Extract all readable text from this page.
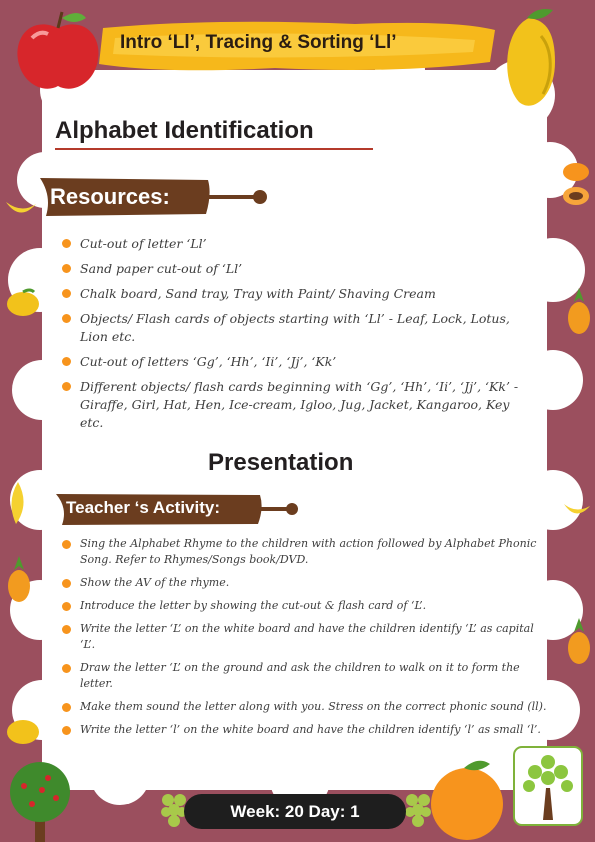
Intro ‘Ll’, Tracing & Sorting ‘Ll’
Alphabet Identification
Resources:
Cut-out of letter ‘Ll’
Sand paper cut-out of ‘Ll’
Chalk board, Sand tray, Tray with Paint/ Shaving Cream
Objects/ Flash cards of objects starting with ‘Ll’ - Leaf, Lock, Lotus, Lion etc.
Cut-out of letters ‘Gg’, ‘Hh’, ‘Ii’, ‘Jj’, ‘Kk’
Different objects/ flash cards beginning with ‘Gg’, ‘Hh’, ‘Ii’, ‘Jj’, ‘Kk’ - Giraffe, Girl, Hat, Hen, Ice-cream, Igloo, Jug, Jacket, Kangaroo, Key etc.
Presentation
Teacher ‘s Activity:
Sing the Alphabet Rhyme to the children with action followed by Alphabet Phonic Song. Refer to Rhymes/Songs book/DVD.
Show the AV of the rhyme.
Introduce the letter by showing the cut-out & flash card of ‘L’.
Write the letter ‘L’ on the white board and have the children identify ‘L’ as capital ‘L’.
Draw the letter ‘L’ on the ground and ask the children to walk on it to form the letter.
Make them sound the letter along with you. Stress on the correct phonic sound (ll).
Write the letter ‘l’ on the white board and have the children identify ‘l’ as small ‘l’.
Week: 20 Day: 1
